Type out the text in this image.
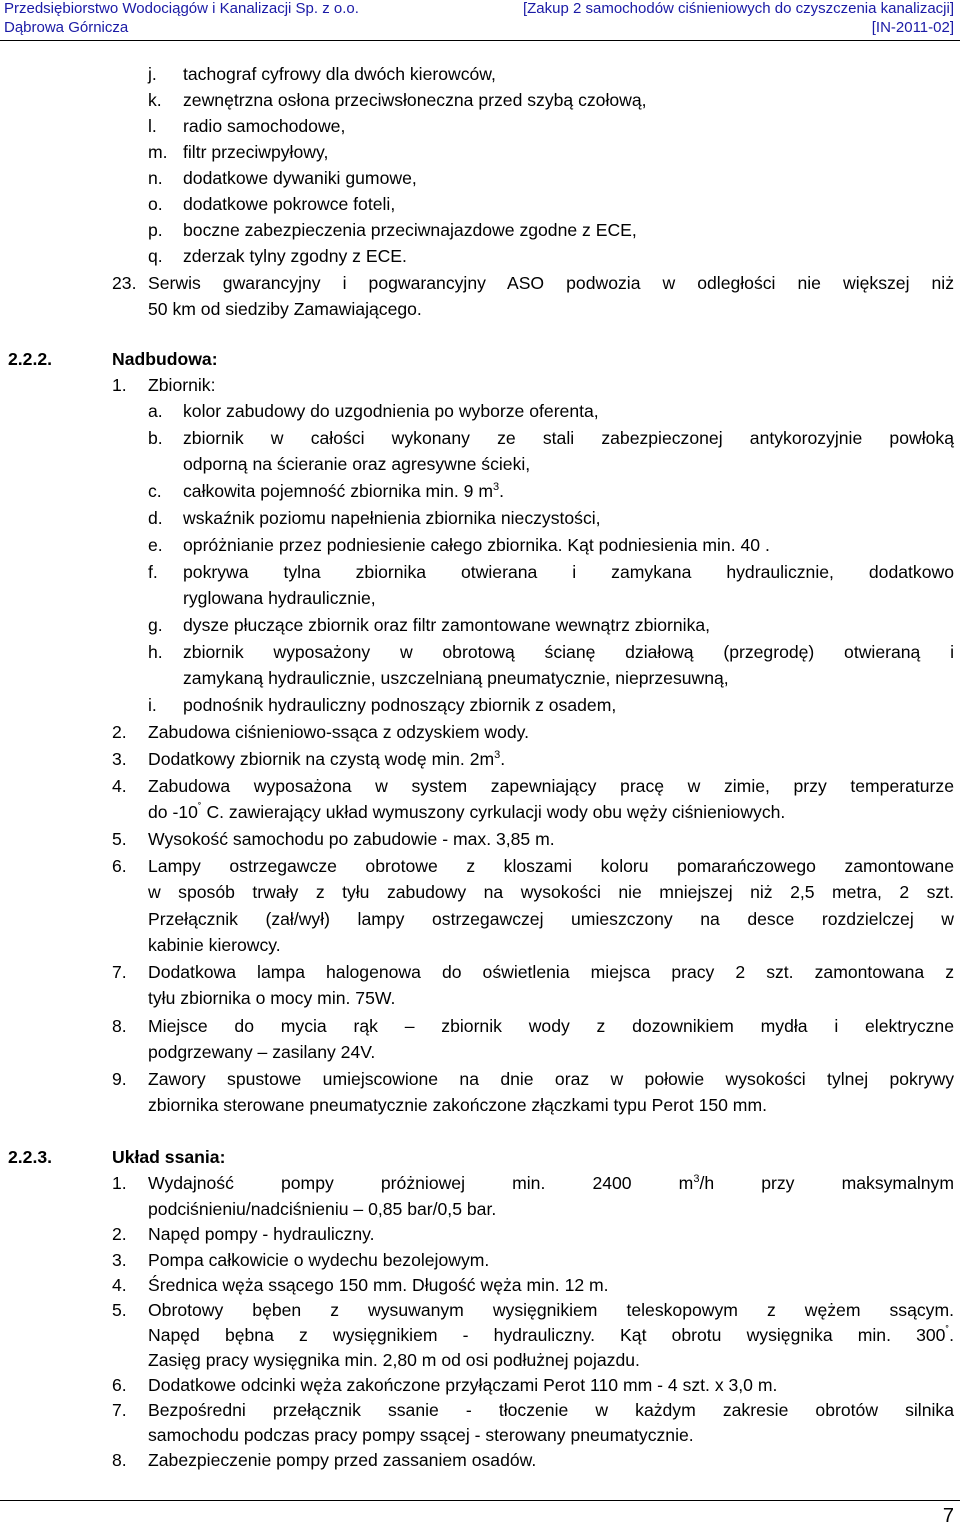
Przedsiębiorstwo Wodociągów i Kanalizacji Sp. z o.o.
Dąbrowa Górnicza
[Zakup 2 samochodów ciśnieniowych do czyszczenia kanalizacji]
[IN-2011-02]
j. tachograf cyfrowy dla dwóch kierowców,
k. zewnętrzna osłona przeciwsłoneczna przed szybą czołową,
l. radio samochodowe,
m. filtr przeciwpyłowy,
n. dodatkowe dywaniki gumowe,
o. dodatkowe pokrowce foteli,
p. boczne zabezpieczenia przeciwnajazdowe zgodne z ECE,
q. zderzak tylny zgodny z ECE.
23. Serwis gwarancyjny i pogwarancyjny ASO podwozia w odległości nie większej niż
50 km od siedziby Zamawiającego.
2.2.2.	Nadbudowa:
1. Zbiornik:
a. kolor zabudowy do uzgodnienia po wyborze oferenta,
b. zbiornik w całości wykonany ze stali zabezpieczonej antykorozyjnie powłoką
odporną na ścieranie oraz agresywne ścieki,
c. całkowita pojemność zbiornika min. 9 $m^3$.
d. wskaźnik poziomu napełnienia zbiornika nieczystości,
e. opróżnianie przez podniesienie całego zbiornika. Kąt podniesienia min. 40 .
f. pokrywa tylna zbiornika otwierana i zamykana hydraulicznie, dodatkowo
ryglowana hydraulicznie,
g. dysze płuczące zbiornik oraz filtr zamontowane wewnątrz zbiornika,
h. zbiornik wyposażony w obrotową ścianę działową (przegrodę) otwieraną i
zamykaną hydraulicznie, uszczelnianą pneumatycznie, nieprzesuwną,
i. podnośnik hydrauliczny podnoszący zbiornik z osadem,
2. Zabudowa ciśnieniowo-ssąca z odzyskiem wody.
3. Dodatkowy zbiornik na czystą wodę min. $2m^3$.
4. Zabudowa wyposażona w system zapewniający pracę w zimie, przy temperaturze
do -10˚ C. zawierający układ wymuszony cyrkulacji wody obu węży ciśnieniowych.
5. Wysokość samochodu po zabudowie - max. 3,85 m.
6. Lampy ostrzegawcze obrotowe z kloszami koloru pomarańczowego zamontowane
w sposób trwały z tyłu zabudowy na wysokości nie mniejszej niż 2,5 metra, 2 szt.
Przełącznik (zał/wył) lampy ostrzegawczej umieszczony na desce rozdzielczej w
kabinie kierowcy.
7. Dodatkowa lampa halogenowa do oświetlenia miejsca pracy 2 szt. zamontowana z
tyłu zbiornika o mocy min. 75W.
8. Miejsce do mycia rąk – zbiornik wody z dozownikiem mydła i elektryczne
podgrzewany – zasilany 24V.
9. Zawory spustowe umiejscowione na dnie oraz w połowie wysokości tylnej pokrywy
zbiornika sterowane pneumatycznie zakończone złączkami typu Perot 150 mm.
2.2.3.	Układ ssania:
1. Wydajność pompy próżniowej min. 2400 $m^3/h$ przy maksymalnym
podciśnieniu/nadciśnieniu – 0,85 bar/0,5 bar.
2. Napęd pompy - hydrauliczny.
3. Pompa całkowicie o wydechu bezolejowym.
4. Średnica węża ssącego 150 mm. Długość węża min. 12 m.
5. Obrotowy bęben z wysuwanym wysięgnikiem teleskopowym z wężem ssącym.
Napęd bębna z wysięgnikiem - hydrauliczny. Kąt obrotu wysięgnika min. 300˚.
Zasięg pracy wysięgnika min. 2,80 m od osi podłużnej pojazdu.
6. Dodatkowe odcinki węża zakończone przyłączami Perot 110 mm - 4 szt. x 3,0 m.
7. Bezpośredni przełącznik ssanie - tłoczenie w każdym zakresie obrotów silnika
samochodu podczas pracy pompy ssącej - sterowany pneumatycznie.
8. Zabezpieczenie pompy przed zassaniem osadów.
7
